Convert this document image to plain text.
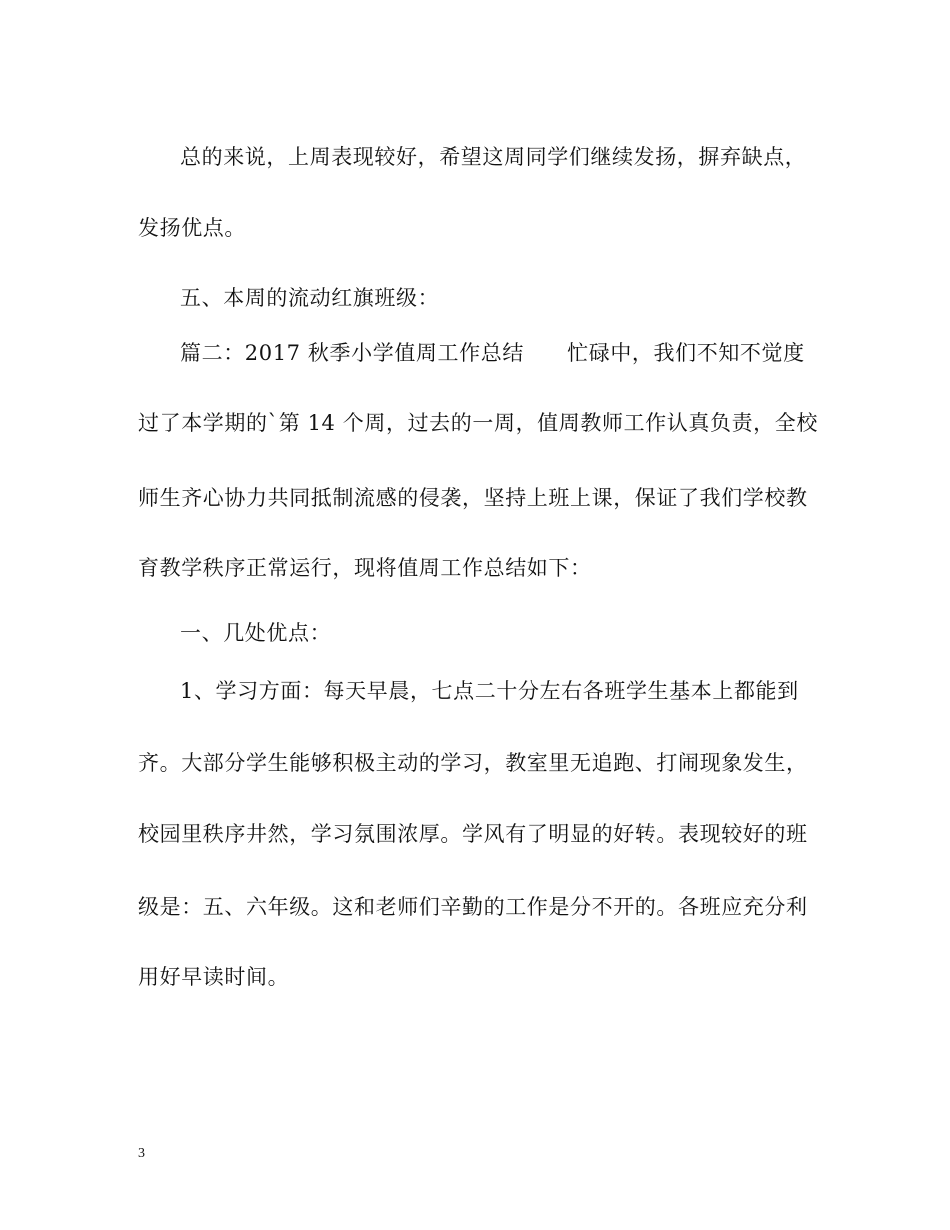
总的来说，上周表现较好，希望这周同学们继续发扬，摒弃缺点，
发扬优点。
五、本周的流动红旗班级：
篇二：2017 秋季小学值周工作总结　　忙碌中，我们不知不觉度
过了本学期的`第 14 个周，过去的一周，值周教师工作认真负责，全校
师生齐心协力共同抵制流感的侵袭，坚持上班上课，保证了我们学校教
育教学秩序正常运行，现将值周工作总结如下：
一、几处优点：
1、学习方面：每天早晨，七点二十分左右各班学生基本上都能到
齐。大部分学生能够积极主动的学习，教室里无追跑、打闹现象发生，
校园里秩序井然，学习氛围浓厚。学风有了明显的好转。表现较好的班
级是：五、六年级。这和老师们辛勤的工作是分不开的。各班应充分利
用好早读时间。
3
